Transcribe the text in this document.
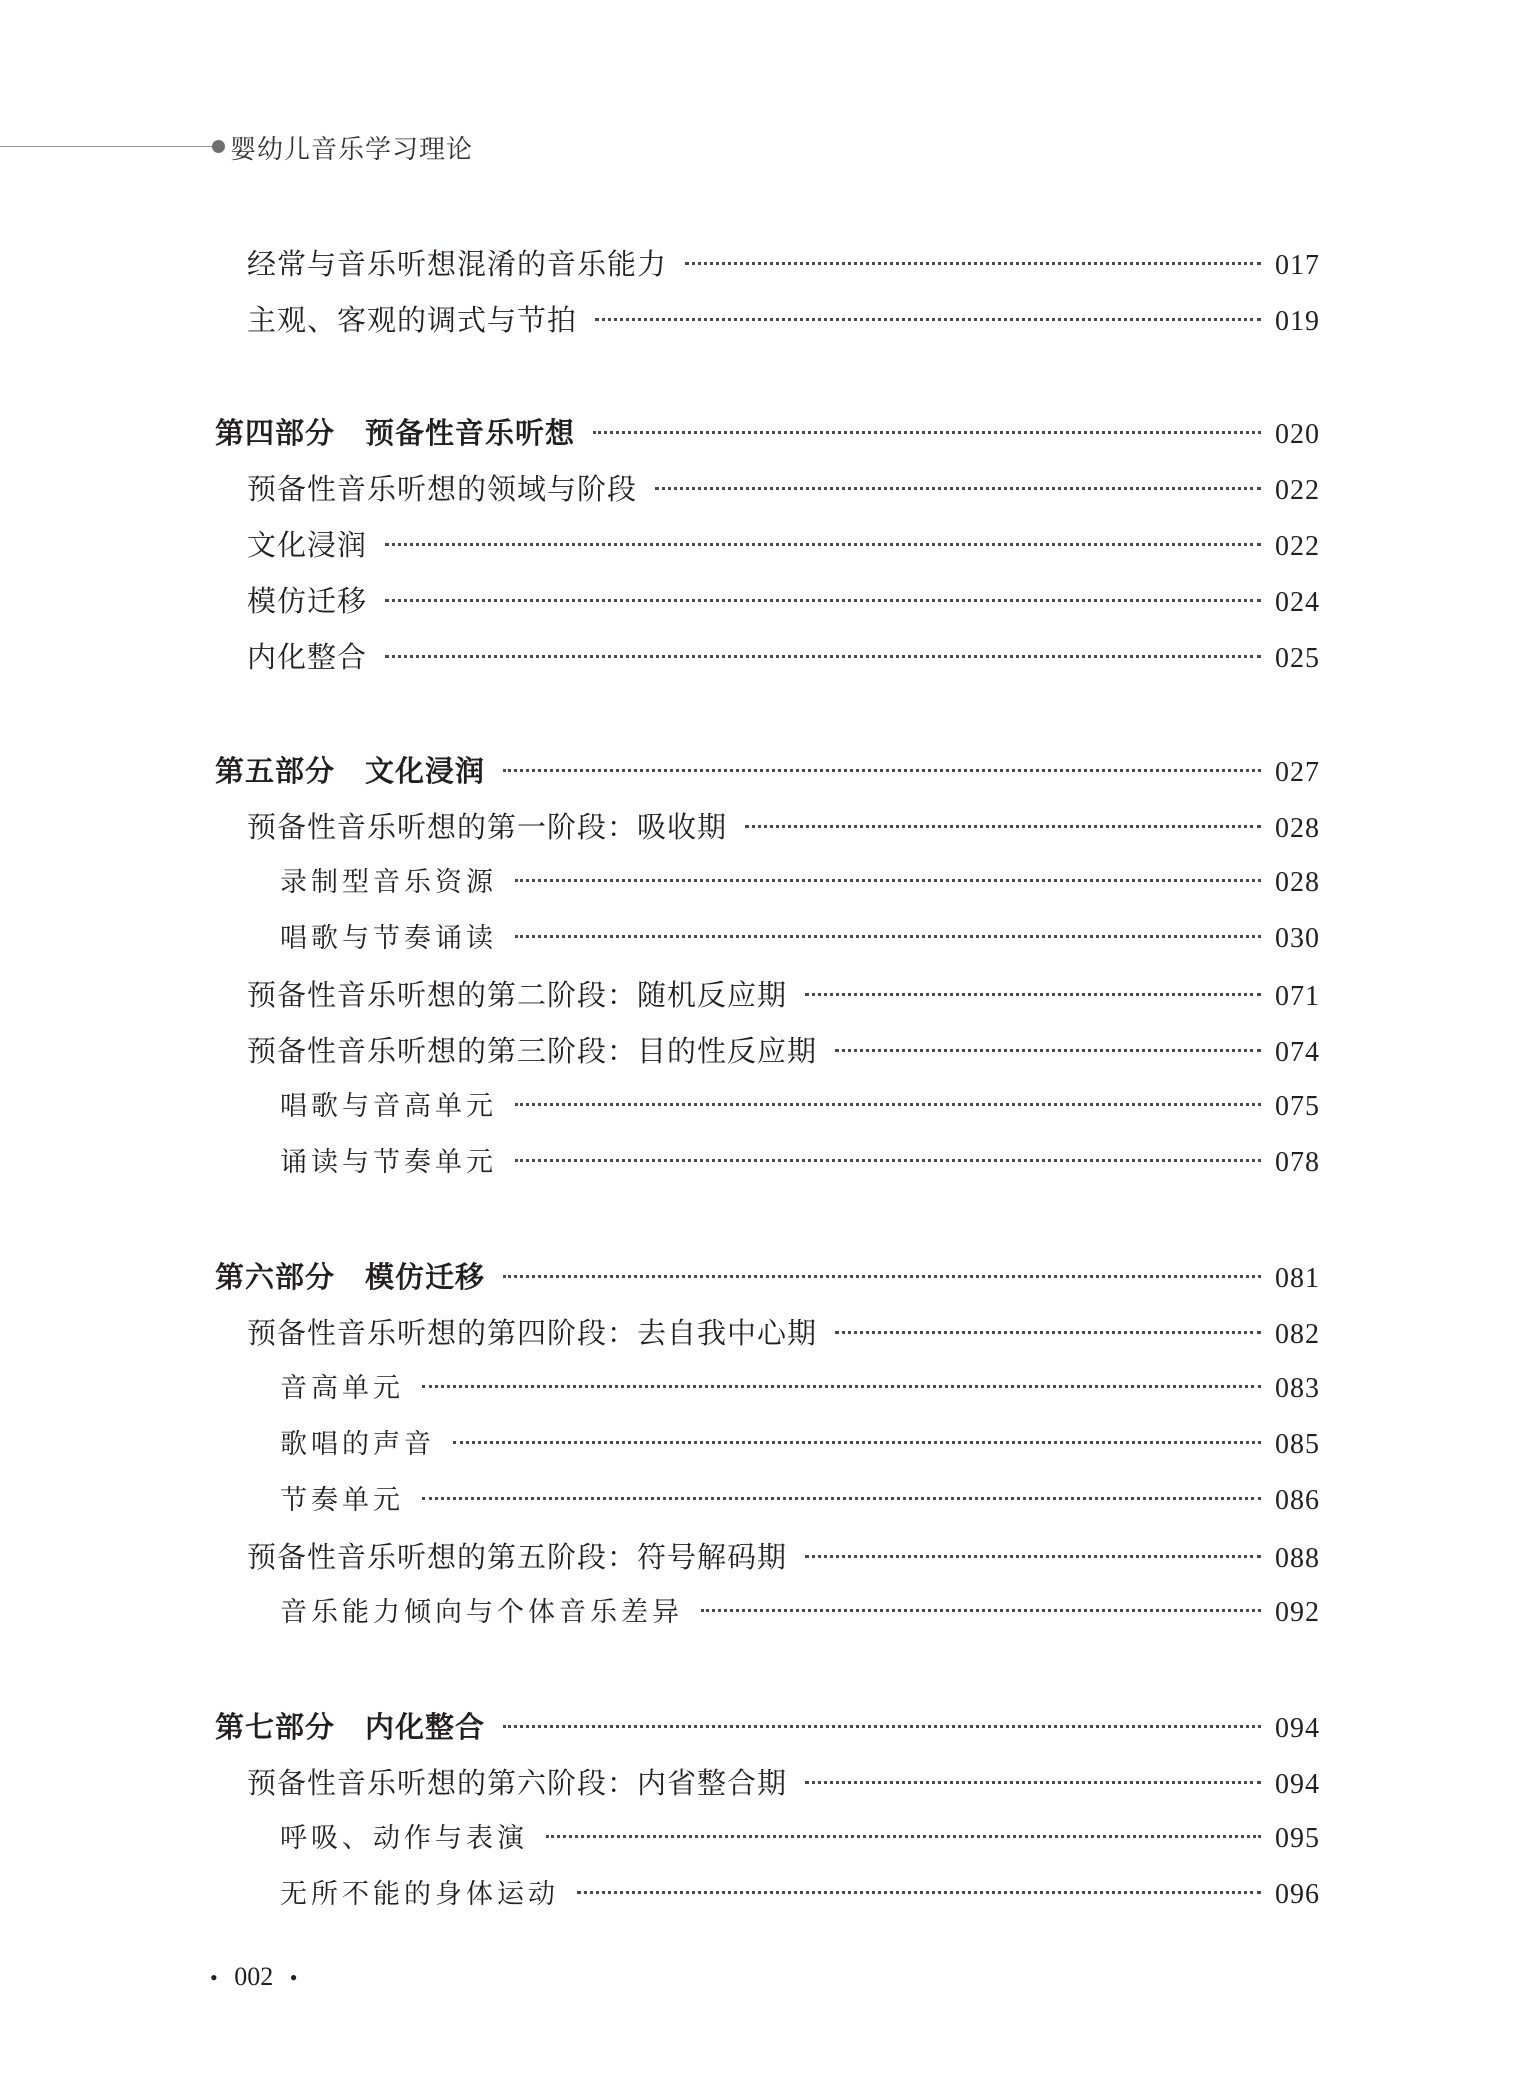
婴幼儿音乐学习理论
经常与音乐听想混淆的音乐能力	017
主观、客观的调式与节拍	019
第四部分 预备性音乐听想	020
预备性音乐听想的领域与阶段	022
文化浸润	022
模仿迁移	024
内化整合	025
第五部分 文化浸润	027
预备性音乐听想的第一阶段：吸收期	028
录制型音乐资源	028
唱歌与节奏诵读	030
预备性音乐听想的第二阶段：随机反应期	071
预备性音乐听想的第三阶段：目的性反应期	074
唱歌与音高单元	075
诵读与节奏单元	078
第六部分 模仿迁移	081
预备性音乐听想的第四阶段：去自我中心期	082
音高单元	083
歌唱的声音	085
节奏单元	086
预备性音乐听想的第五阶段：符号解码期	088
音乐能力倾向与个体音乐差异	092
第七部分 内化整合	094
预备性音乐听想的第六阶段：内省整合期	094
呼吸、动作与表演	095
无所不能的身体运动	096
• 002 •
